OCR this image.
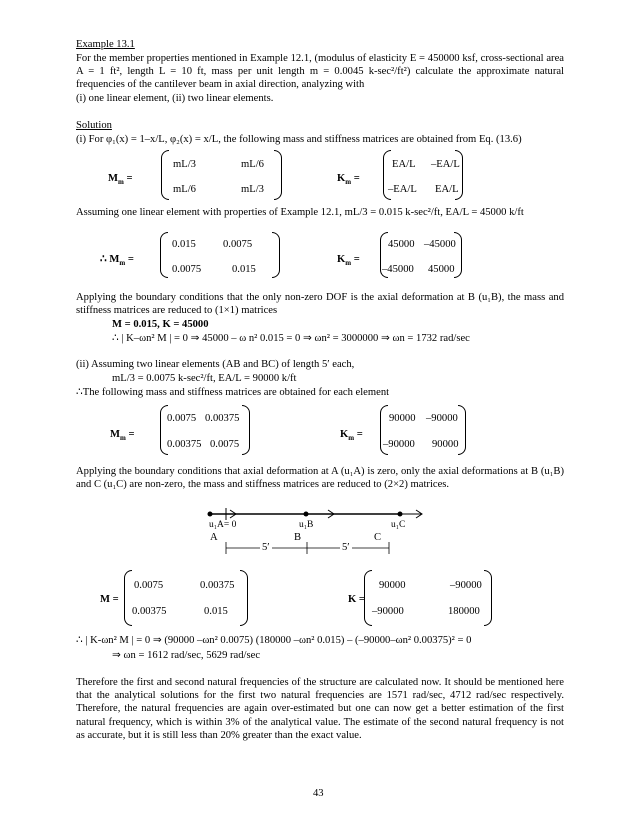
Example 13.1
For the member properties mentioned in Example 12.1, (modulus of elasticity E = 450000 ksf, cross-sectional area A = 1 ft², length L = 10 ft, mass per unit length m = 0.0045 k-sec²/ft²) calculate the approximate natural frequencies of the cantilever beam in axial direction, analyzing with
(i) one linear element, (ii) two linear elements.
Solution
(i) For φ₁(x) = 1–x/L, φ₂(x) = x/L, the following mass and stiffness matrices are obtained from Eq. (13.6)
$M_m$ =
mL/3	mL/6
mL/6	mL/3
$K_m$ =
EA/L –EA/L
–EA/L EA/L
Assuming one linear element with properties of Example 12.1, mL/3 = 0.015 k-sec²/ft, EA/L = 45000 k/ft
∴ $M_m$ =
0.015	0.0075
0.0075	0.015
$K_m$ =
45000 –45000
–45000 45000
Applying the boundary conditions that the only non-zero DOF is the axial deformation at B (u₁B), the mass and stiffness matrices are reduced to (1×1) matrices
M = 0.015, K = 45000
∴ | K–ωn² M | = 0 ⇒ 45000 – ω n² 0.015 = 0 ⇒ ωn² = 3000000 ⇒ ωn = 1732 rad/sec
(ii) Assuming two linear elements (AB and BC) of length 5′ each,
mL/3 = 0.0075 k-sec²/ft, EA/L = 90000 k/ft
∴The following mass and stiffness matrices are obtained for each element
$M_m$ =
0.0075 0.00375
0.00375 0.0075
$K_m$ =
90000 –90000
–90000 90000
Applying the boundary conditions that axial deformation at A (u₁A) is zero, only the axial deformations at B (u₁B) and C (u₁C) are non-zero, the mass and stiffness matrices are reduced to (2×2) matrices.
u₁A= 0	u₁B	u₁C
A	B	C
5′	5′
M =
0.0075	0.00375
0.00375	0.015
K =
90000	–90000
–90000	180000
∴ | K-ωn² M | = 0 ⇒ (90000 –ωn² 0.0075) (180000 –ωn² 0.015) – (–90000–ωn² 0.00375)² = 0
⇒ ωn = 1612 rad/sec, 5629 rad/sec
Therefore the first and second natural frequencies of the structure are calculated now. It should be mentioned here that the analytical solutions for the first two natural frequencies are 1571 rad/sec, 4712 rad/sec respectively. Therefore, the natural frequencies are again over-estimated but one can now get a better estimation of the first natural frequency, which is within 3% of the analytical value. The estimate of the second natural frequency is not as accurate, but it is still less than 20% greater than the exact value.
43
